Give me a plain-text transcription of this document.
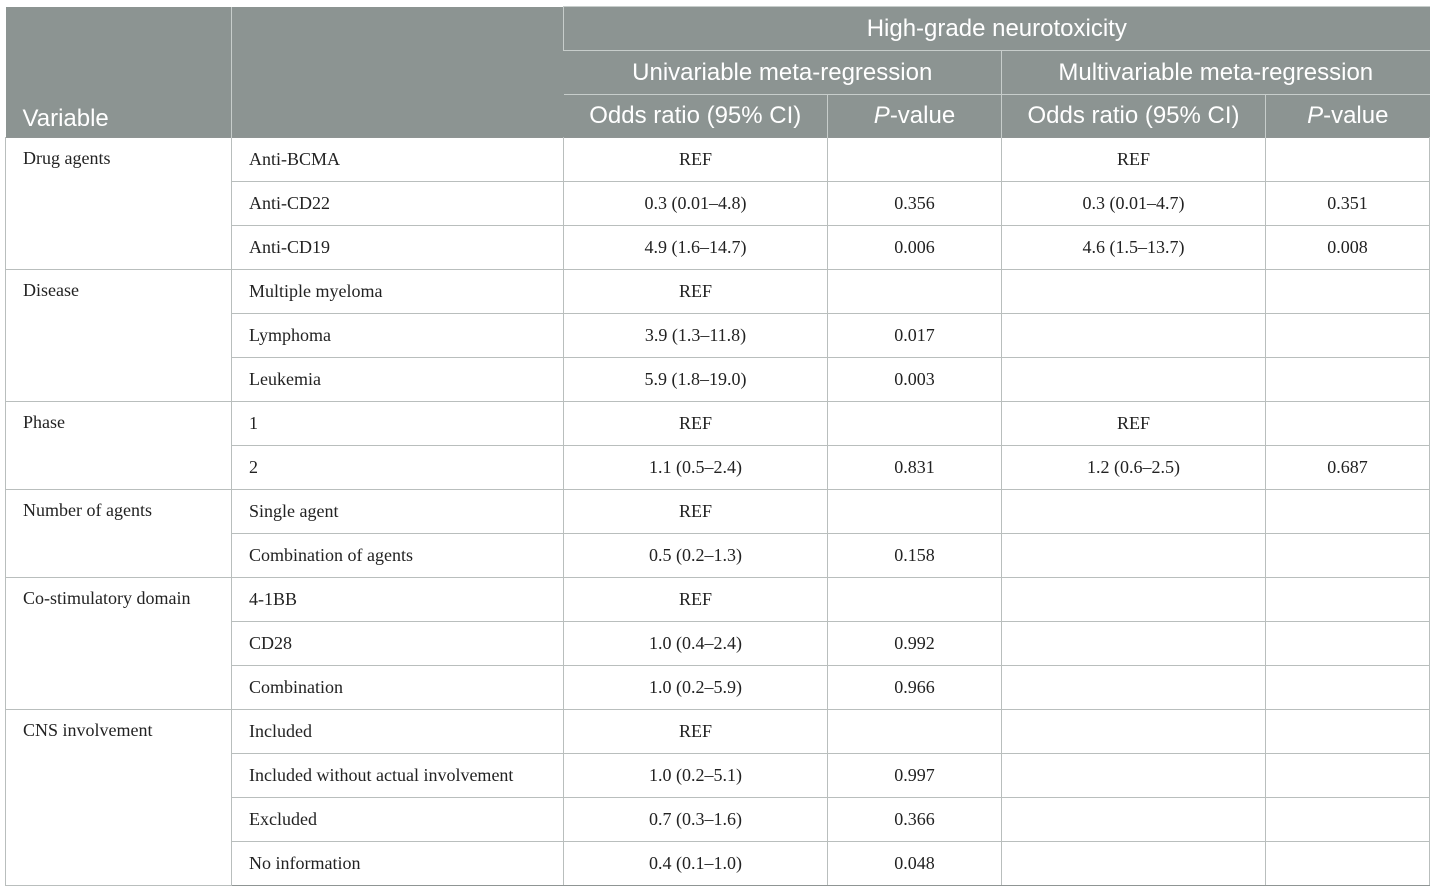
Variable		High-grade neurotoxicity			
		Univariable meta-regression		Multivariable meta-regression	
		Odds ratio (95% CI)	P-value	Odds ratio (95% CI)	P-value
Drug agents	Anti-BCMA	REF		REF	
	Anti-CD22	0.3 (0.01–4.8)	0.356	0.3 (0.01–4.7)	0.351
	Anti-CD19	4.9 (1.6–14.7)	0.006	4.6 (1.5–13.7)	0.008
Disease	Multiple myeloma	REF			
	Lymphoma	3.9 (1.3–11.8)	0.017		
	Leukemia	5.9 (1.8–19.0)	0.003		
Phase	1	REF		REF	
	2	1.1 (0.5–2.4)	0.831	1.2 (0.6–2.5)	0.687
Number of agents	Single agent	REF			
	Combination of agents	0.5 (0.2–1.3)	0.158		
Co-stimulatory domain	4-1BB	REF			
	CD28	1.0 (0.4–2.4)	0.992		
	Combination	1.0 (0.2–5.9)	0.966		
CNS involvement	Included	REF			
	Included without actual involvement	1.0 (0.2–5.1)	0.997		
	Excluded	0.7 (0.3–1.6)	0.366		
	No information	0.4 (0.1–1.0)	0.048		
